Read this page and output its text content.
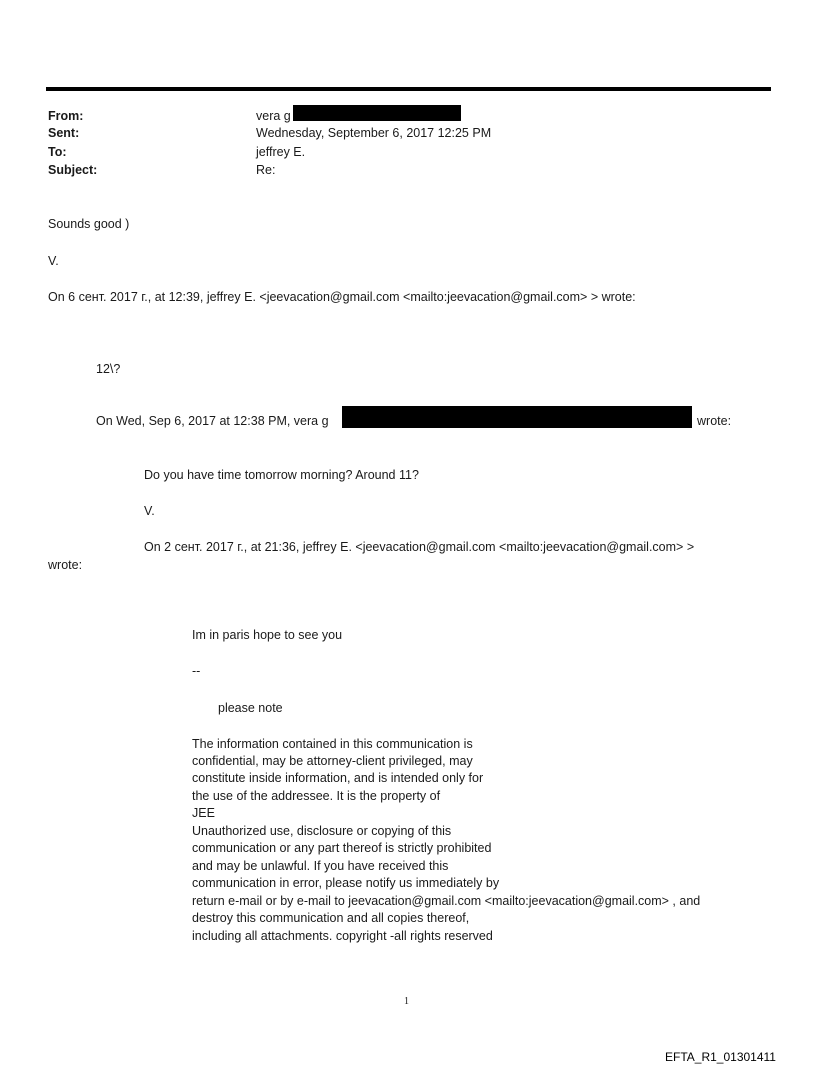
From:	vera g
Sent:	Wednesday, September 6, 2017 12:25 PM
To:	jeffrey E.
Subject:	Re:
Sounds good )
V.
On 6 сент. 2017 г., at 12:39, jeffrey E. <jeevacation@gmail.com <mailto:jeevacation@gmail.com> > wrote:
12\?
On Wed, Sep 6, 2017 at 12:38 PM, vera g	wrote:
Do you have time tomorrow morning? Around 11?
V.
On 2 сент. 2017 г., at 21:36, jeffrey E. <jeevacation@gmail.com <mailto:jeevacation@gmail.com> >
wrote:
Im in paris hope to see you
--
please note
The information contained in this communication is
confidential, may be attorney-client privileged, may
constitute inside information, and is intended only for
the use of the addressee. It is the property of
JEE
Unauthorized use, disclosure or copying of this
communication or any part thereof is strictly prohibited
and may be unlawful. If you have received this
communication in error, please notify us immediately by
return e-mail or by e-mail to jeevacation@gmail.com <mailto:jeevacation@gmail.com> , and
destroy this communication and all copies thereof,
including all attachments. copyright -all rights reserved
1
EFTA_R1_01301411
